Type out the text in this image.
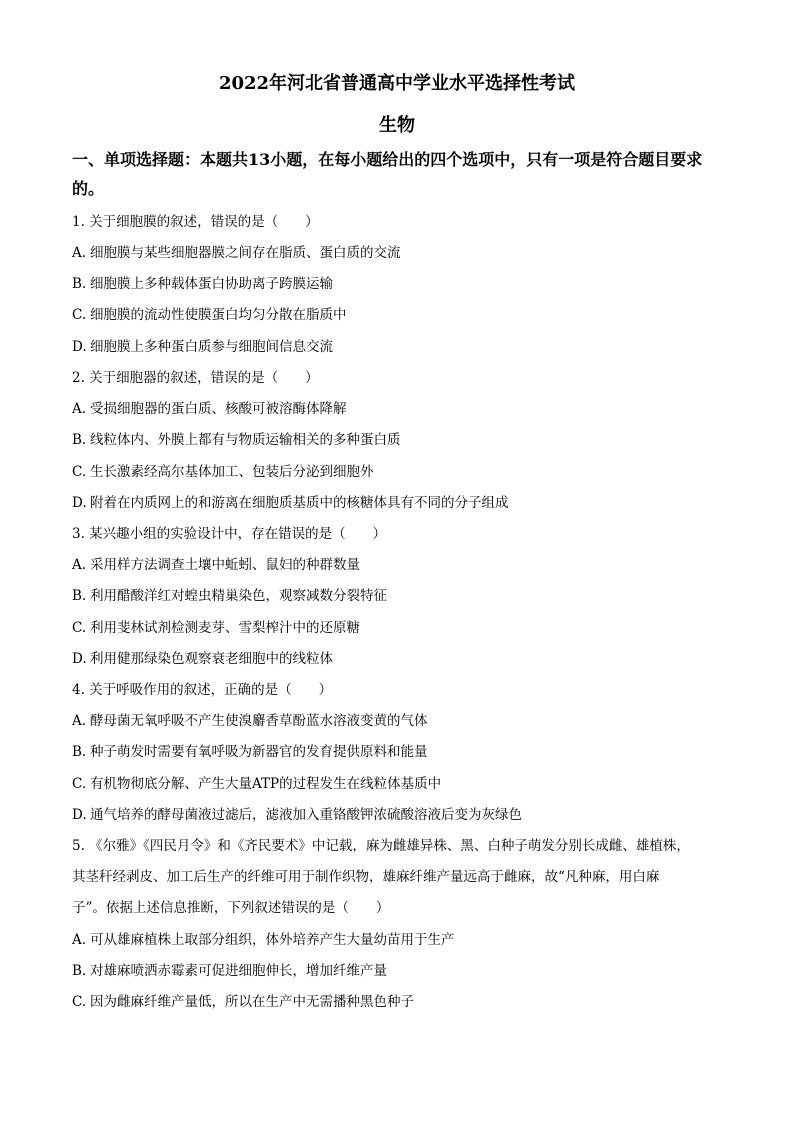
2022年河北省普通高中学业水平选择性考试
生物
一、单项选择题：本题共13小题，在每小题给出的四个选项中，只有一项是符合题目要求的。
1. 关于细胞膜的叙述，错误的是（　　）
A. 细胞膜与某些细胞器膜之间存在脂质、蛋白质的交流
B. 细胞膜上多种载体蛋白协助离子跨膜运输
C. 细胞膜的流动性使膜蛋白均匀分散在脂质中
D. 细胞膜上多种蛋白质参与细胞间信息交流
2. 关于细胞器的叙述，错误的是（　　）
A. 受损细胞器的蛋白质、核酸可被溶酶体降解
B. 线粒体内、外膜上都有与物质运输相关的多种蛋白质
C. 生长激素经高尔基体加工、包装后分泌到细胞外
D. 附着在内质网上的和游离在细胞质基质中的核糖体具有不同的分子组成
3. 某兴趣小组的实验设计中，存在错误的是（　　）
A. 采用样方法调查土壤中蚯蚓、鼠妇的种群数量
B. 利用醋酸洋红对蝗虫精巢染色，观察减数分裂特征
C. 利用斐林试剂检测麦芽、雪梨榨汁中的还原糖
D. 利用健那绿染色观察衰老细胞中的线粒体
4. 关于呼吸作用的叙述，正确的是（　　）
A. 酵母菌无氧呼吸不产生使溴麝香草酚蓝水溶液变黄的气体
B. 种子萌发时需要有氧呼吸为新器官的发育提供原料和能量
C. 有机物彻底分解、产生大量ATP的过程发生在线粒体基质中
D. 通气培养的酵母菌液过滤后，滤液加入重铬酸钾浓硫酸溶液后变为灰绿色
5. 《尔雅》《四民月令》和《齐民要术》中记载，麻为雌雄异株、黑、白种子萌发分别长成雌、雄植株，
其茎秆经剥皮、加工后生产的纤维可用于制作织物，雄麻纤维产量远高于雌麻，故“凡种麻，用白麻
子”。依据上述信息推断，下列叙述错误的是（　　）
A. 可从雄麻植株上取部分组织，体外培养产生大量幼苗用于生产
B. 对雄麻喷洒赤霉素可促进细胞伸长，增加纤维产量
C. 因为雌麻纤维产量低，所以在生产中无需播种黑色种子
